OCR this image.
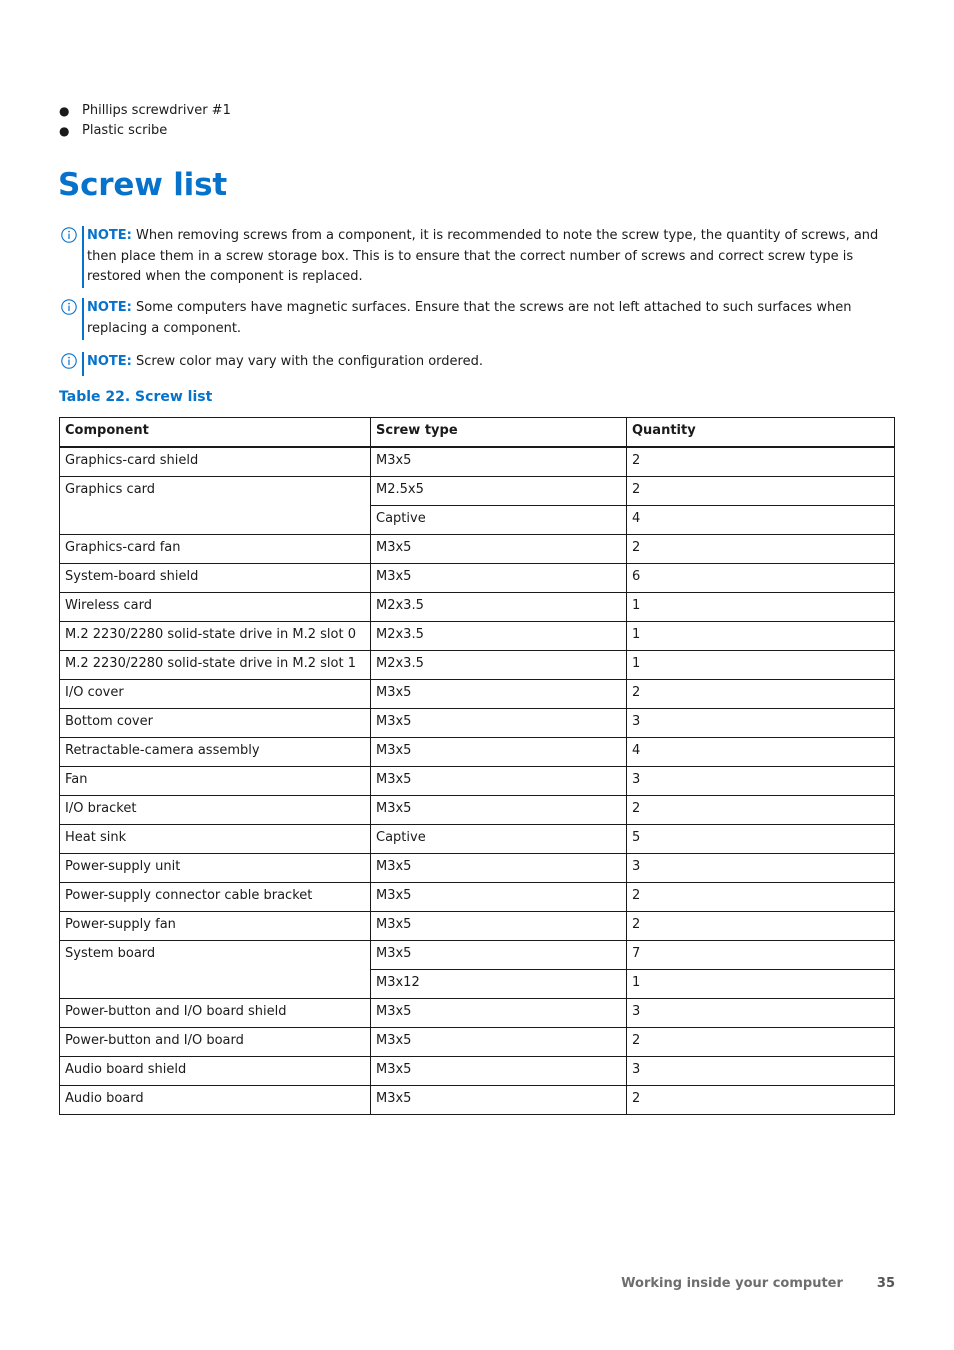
● Phillips screwdriver #1
● Plastic scribe
Screw list
NOTE: When removing screws from a component, it is recommended to note the screw type, the quantity of screws, and then place them in a screw storage box. This is to ensure that the correct number of screws and correct screw type is restored when the component is replaced.
NOTE: Some computers have magnetic surfaces. Ensure that the screws are not left attached to such surfaces when replacing a component.
NOTE: Screw color may vary with the configuration ordered.
Table 22. Screw list
Component	Screw type	Quantity
Graphics-card shield	M3x5	2
Graphics card	M2.5x5	2
	Captive	4
Graphics-card fan	M3x5	2
System-board shield	M3x5	6
Wireless card	M2x3.5	1
M.2 2230/2280 solid-state drive in M.2 slot 0	M2x3.5	1
M.2 2230/2280 solid-state drive in M.2 slot 1	M2x3.5	1
I/O cover	M3x5	2
Bottom cover	M3x5	3
Retractable-camera assembly	M3x5	4
Fan	M3x5	3
I/O bracket	M3x5	2
Heat sink	Captive	5
Power-supply unit	M3x5	3
Power-supply connector cable bracket	M3x5	2
Power-supply fan	M3x5	2
System board	M3x5	7
	M3x12	1
Power-button and I/O board shield	M3x5	3
Power-button and I/O board	M3x5	2
Audio board shield	M3x5	3
Audio board	M3x5	2
Working inside your computer	35
